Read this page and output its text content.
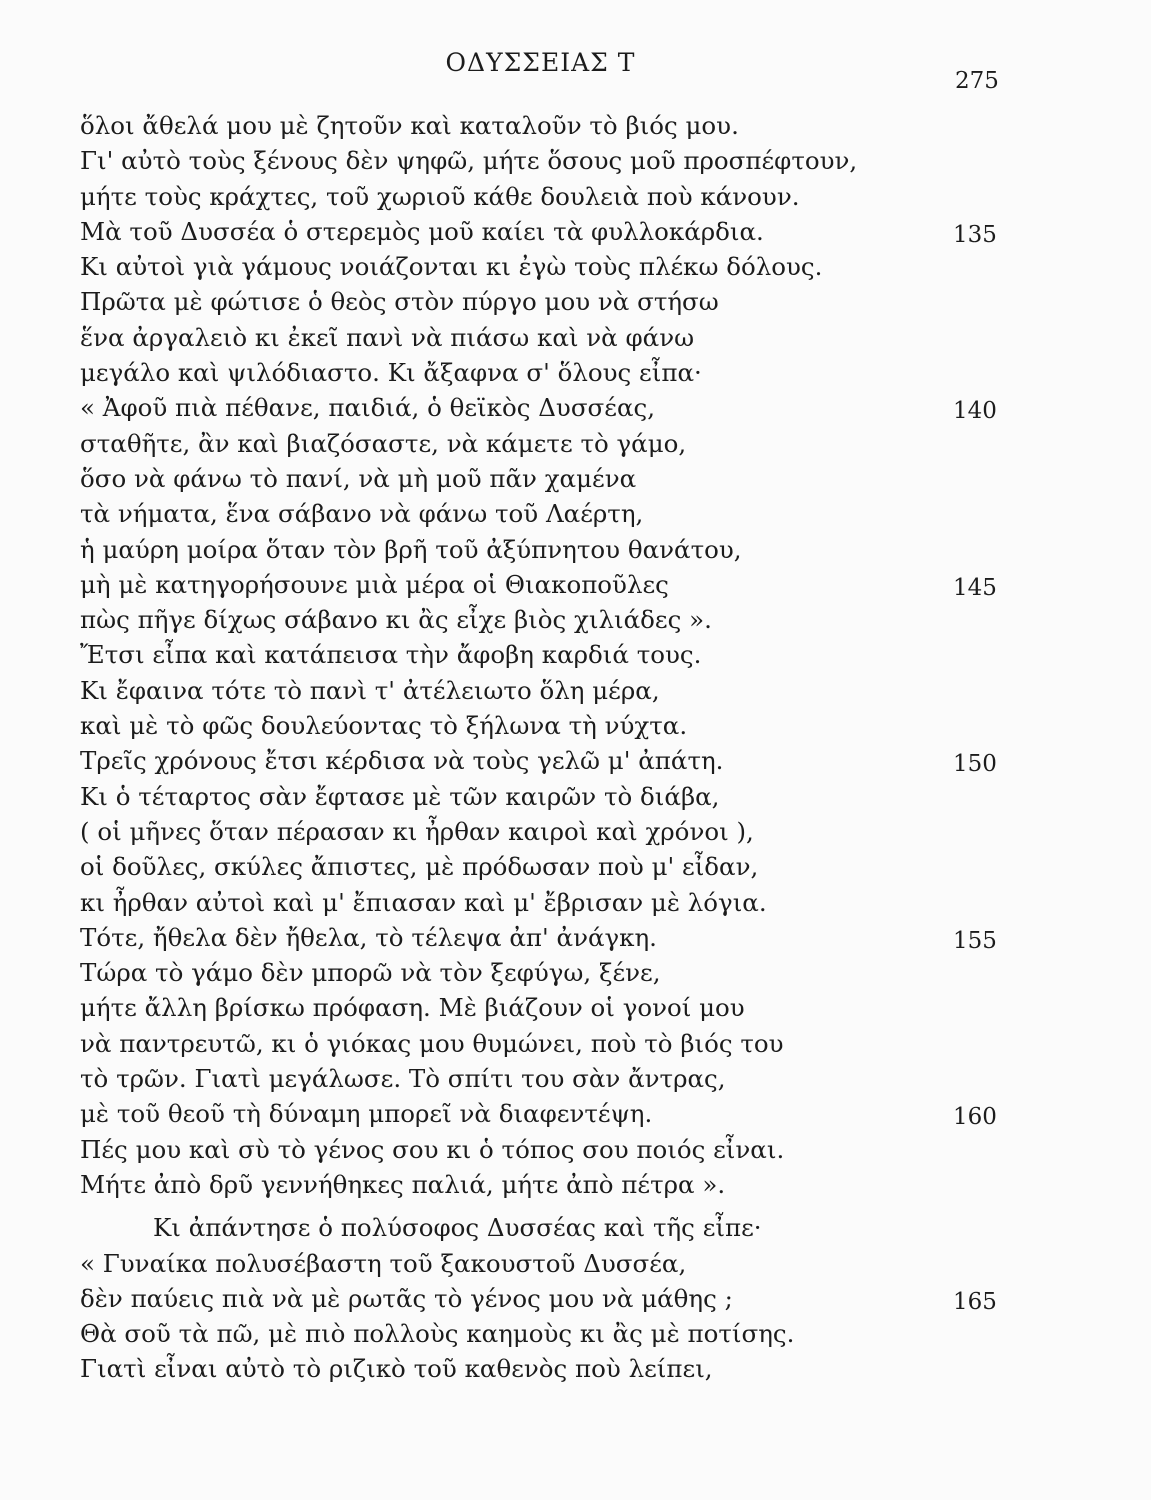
ΟΔΥΣΣΕΙΑΣ Τ
275
ὅλοι ἄθελά μου μὲ ζητοῦν καὶ καταλοῦν τὸ βιός μου.
Γι' αὐτὸ τοὺς ξένους δὲν ψηφῶ, μήτε ὅσους μοῦ προσπέφτουν,
μήτε τοὺς κράχτες, τοῦ χωριοῦ κάθε δουλειὰ ποὺ κάνουν.
Μὰ τοῦ Δυσσέα ὁ στερεμὸς μοῦ καίει τὰ φυλλοκάρδια.	135
Κι αὐτοὶ γιὰ γάμους νοιάζονται κι ἐγὼ τοὺς πλέκω δόλους.
Πρῶτα μὲ φώτισε ὁ θεὸς στὸν πύργο μου νὰ στήσω
ἕνα ἀργαλειὸ κι ἐκεῖ πανὶ νὰ πιάσω καὶ νὰ φάνω
μεγάλο καὶ ψιλόδιαστο. Κι ἄξαφνα σ' ὅλους εἶπα·
« Ἀφοῦ πιὰ πέθανε, παιδιά, ὁ θεϊκὸς Δυσσέας,	140
σταθῆτε, ἂν καὶ βιαζόσαστε, νὰ κάμετε τὸ γάμο,
ὅσο νὰ φάνω τὸ πανί, νὰ μὴ μοῦ πᾶν χαμένα
τὰ νήματα, ἕνα σάβανο νὰ φάνω τοῦ Λαέρτη,
ἡ μαύρη μοίρα ὅταν τὸν βρῆ τοῦ ἀξύπνητου θανάτου,
μὴ μὲ κατηγορήσουνε μιὰ μέρα οἱ Θιακοποῦλες	145
πὼς πῆγε δίχως σάβανο κι ἂς εἶχε βιὸς χιλιάδες ».
Ἔτσι εἶπα καὶ κατάπεισα τὴν ἄφοβη καρδιά τους.
Κι ἔφαινα τότε τὸ πανὶ τ' ἀτέλειωτο ὅλη μέρα,
καὶ μὲ τὸ φῶς δουλεύοντας τὸ ξήλωνα τὴ νύχτα.
Τρεῖς χρόνους ἔτσι κέρδισα νὰ τοὺς γελῶ μ' ἀπάτη.	150
Κι ὁ τέταρτος σὰν ἔφτασε μὲ τῶν καιρῶν τὸ διάβα,
( οἱ μῆνες ὅταν πέρασαν κι ἦρθαν καιροὶ καὶ χρόνοι ),
οἱ δοῦλες, σκύλες ἄπιστες, μὲ πρόδωσαν ποὺ μ' εἶδαν,
κι ἦρθαν αὐτοὶ καὶ μ' ἔπιασαν καὶ μ' ἔβρισαν μὲ λόγια.
Τότε, ἤθελα δὲν ἤθελα, τὸ τέλεψα ἀπ' ἀνάγκη.	155
Τώρα τὸ γάμο δὲν μπορῶ νὰ τὸν ξεφύγω, ξένε,
μήτε ἄλλη βρίσκω πρόφαση. Μὲ βιάζουν οἱ γονοί μου
νὰ παντρευτῶ, κι ὁ γιόκας μου θυμώνει, ποὺ τὸ βιός του
τὸ τρῶν. Γιατὶ μεγάλωσε. Τὸ σπίτι του σὰν ἄντρας,
μὲ τοῦ θεοῦ τὴ δύναμη μπορεῖ νὰ διαφεντέψη.	160
Πές μου καὶ σὺ τὸ γένος σου κι ὁ τόπος σου ποιός εἶναι.
Μήτε ἀπὸ δρῦ γεννήθηκες παλιά, μήτε ἀπὸ πέτρα ».
Κι ἀπάντησε ὁ πολύσοφος Δυσσέας καὶ τῆς εἶπε·
« Γυναίκα πολυσέβαστη τοῦ ξακουστοῦ Δυσσέα,
δὲν παύεις πιὰ νὰ μὲ ρωτᾶς τὸ γένος μου νὰ μάθης ;	165
Θὰ σοῦ τὰ πῶ, μὲ πιὸ πολλοὺς καημοὺς κι ἂς μὲ ποτίσης.
Γιατὶ εἶναι αὐτὸ τὸ ριζικὸ τοῦ καθενὸς ποὺ λείπει,
